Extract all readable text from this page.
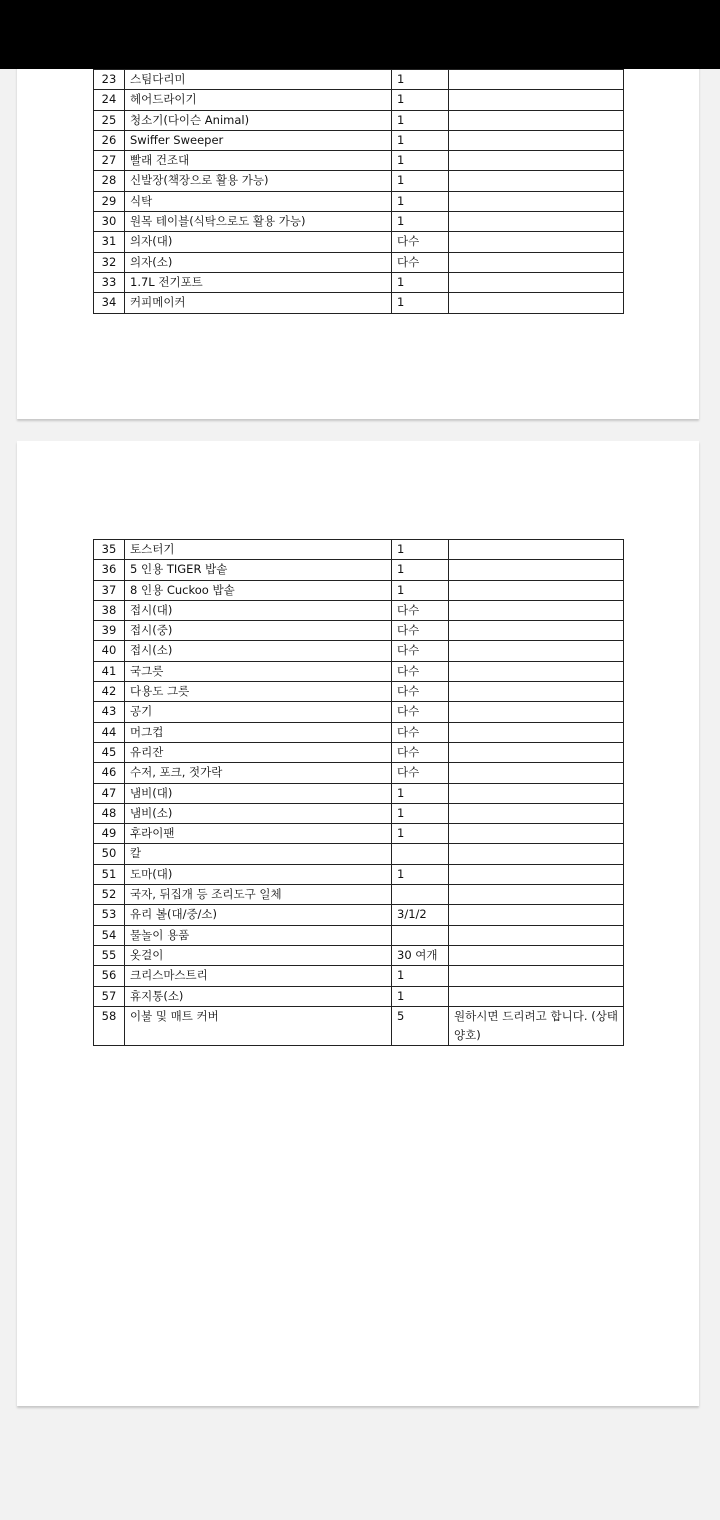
23	스팀다리미	1	
24	헤어드라이기	1	
25	청소기(다이슨 Animal)	1	
26	Swiffer Sweeper	1	
27	빨래 건조대	1	
28	신발장(책장으로 활용 가능)	1	
29	식탁	1	
30	원목 테이블(식탁으로도 활용 가능)	1	
31	의자(대)	다수	
32	의자(소)	다수	
33	1.7L 전기포트	1	
34	커피메이커	1	
35	토스터기	1	
36	5 인용 TIGER 밥솥	1	
37	8 인용 Cuckoo 밥솥	1	
38	접시(대)	다수	
39	접시(중)	다수	
40	접시(소)	다수	
41	국그릇	다수	
42	다용도 그릇	다수	
43	공기	다수	
44	머그컵	다수	
45	유리잔	다수	
46	수저, 포크, 젓가락	다수	
47	냄비(대)	1	
48	냄비(소)	1	
49	후라이팬	1	
50	칼		
51	도마(대)	1	
52	국자, 뒤집개 등 조리도구 일체		
53	유리 볼(대/중/소)	3/1/2	
54	물놀이 용품		
55	옷걸이	30 여개	
56	크리스마스트리	1	
57	휴지통(소)	1	
58	이불 및 매트 커버	5	원하시면 드리려고 합니다. (상태 양호)
